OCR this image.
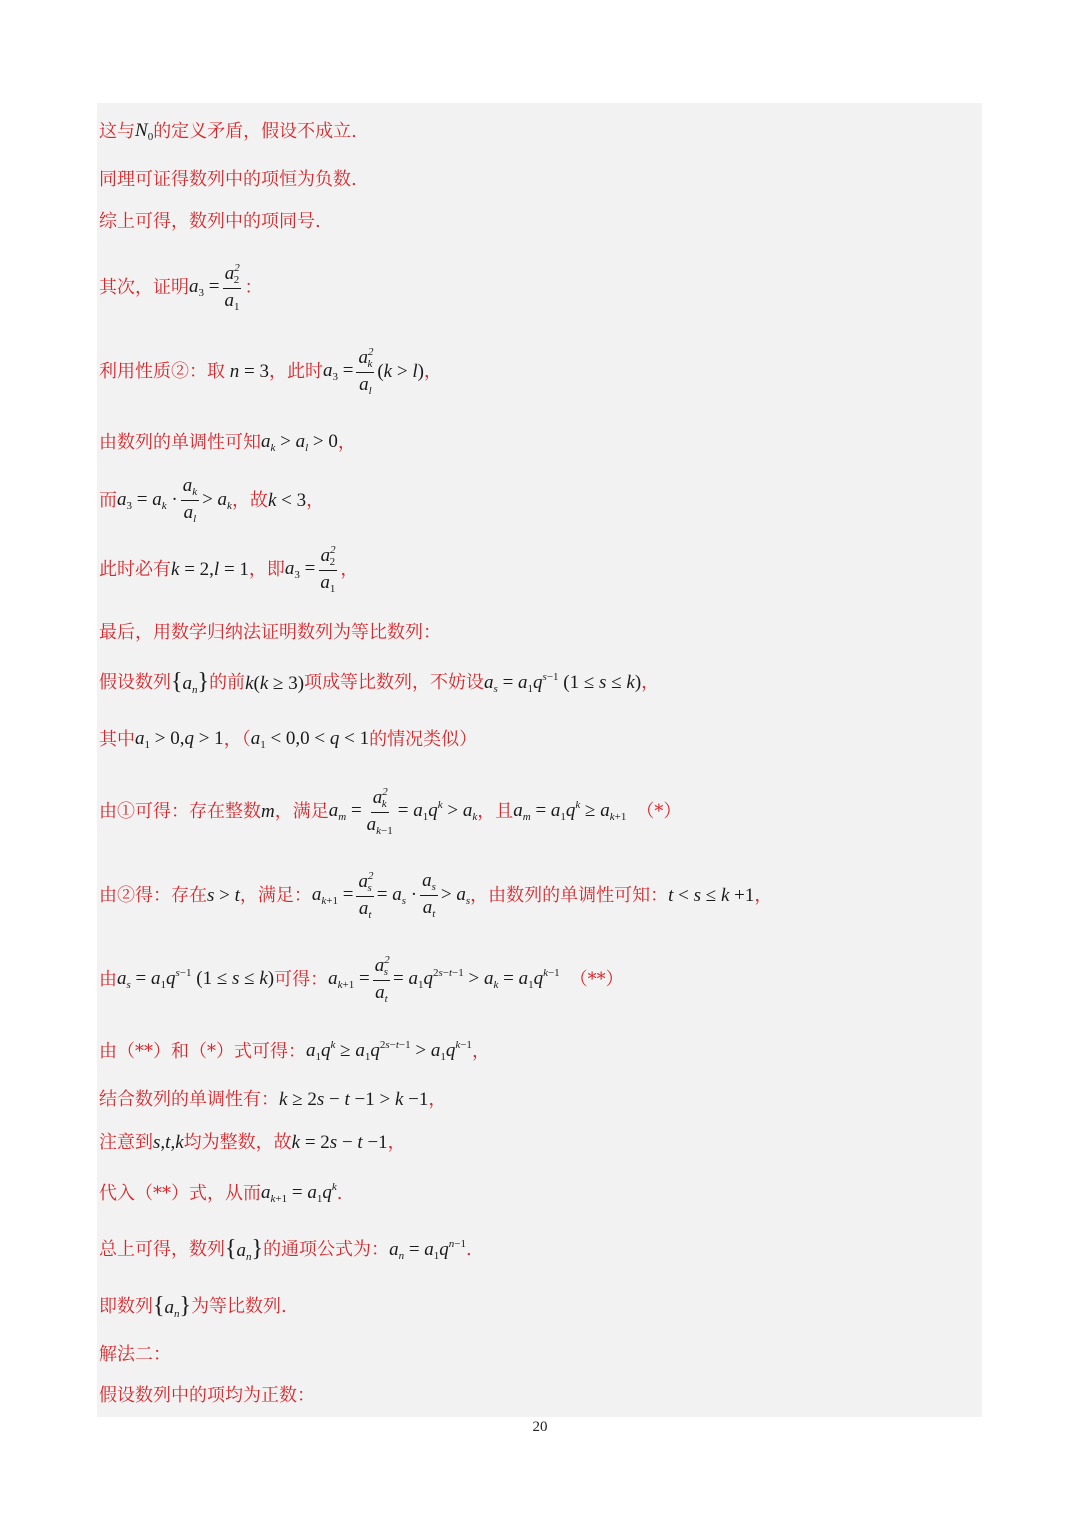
这与 $N_0$ 的定义矛盾，假设不成立.
同理可证得数列中的项恒为负数.
综上可得，数列中的项同号.
其次，证明 $a_3 = \frac{a^2_2}{a_1}$ ：
利用性质②：取 n = 3 ，此时 $a_3 = \frac{a^2_k}{a_l} (k > l)$ ，
由数列的单调性可知 $a_k > a_l > 0$ ，
而 $a_3 = a_k \cdot \frac{a_k}{a_l} > a_k$ ，故 k < 3 ，
此时必有 k = 2,l = 1 ，即 $a_3 = \frac{a^2_2}{a_1}$ ，
最后，用数学归纳法证明数列为等比数列：
假设数列 $\{a_n\}$ 的前 k(k ≥ 3) 项成等比数列，不妨设 $a_s = a_1q^{s-1}$ (1 ≤ s ≤ k) ，
其中 $a_1 > 0,q > 1$ ，（ $a_1 < 0,0 < q < 1$ 的情况类似）
由①可得：存在整数 m ，满足 $a_m = \frac{a^2_k}{a_{k-1}} = a_1q^k > a_k$ ，且 $a_m = a_1q^k \ge a_{k+1}$ （*）
由②得：存在 s > t ，满足： $a_{k+1} = \frac{a^2_s}{a_t} = a_s \cdot \frac{a_s}{a_t} > a_s$ ，由数列的单调性可知： t < s ≤ k +1 ，
由 $a_s = a_1q^{s-1}$ (1 ≤ s ≤ k) 可得： $a_{k+1} = \frac{a^2_s}{a_t} = a_1q^{2s-t-1} > a_k = a_1q^{k-1}$ （**）
由（**）和（*）式可得： $a_1q^k \ge a_1q^{2s-t-1} > a_1q^{k-1}$ ，
结合数列的单调性有： k ≥ 2s − t −1 > k −1 ，
注意到 s,t,k 均为整数，故 k = 2s − t −1 ，
代入（**）式，从而 $a_{k+1} = a_1q^k$ .
总上可得，数列 $\{a_n\}$ 的通项公式为： $a_n = a_1q^{n-1}$ .
即数列 $\{a_n\}$ 为等比数列.
解法二：
假设数列中的项均为正数：
20
